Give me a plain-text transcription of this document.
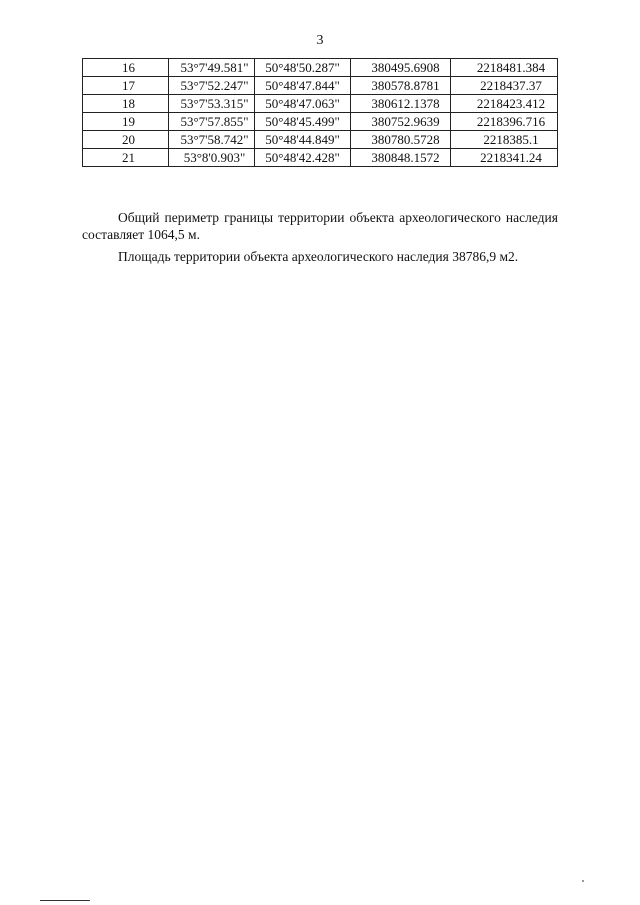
3
16	53°7'49.581"	50°48'50.287"	380495.6908	2218481.384
17	53°7'52.247"	50°48'47.844"	380578.8781	2218437.37
18	53°7'53.315"	50°48'47.063"	380612.1378	2218423.412
19	53°7'57.855"	50°48'45.499"	380752.9639	2218396.716
20	53°7'58.742"	50°48'44.849"	380780.5728	2218385.1
21	53°8'0.903"	50°48'42.428"	380848.1572	2218341.24

Общий периметр границы территории объекта археологического наследия составляет 1064,5 м.

Площадь территории объекта археологического наследия 38786,9 м2.
